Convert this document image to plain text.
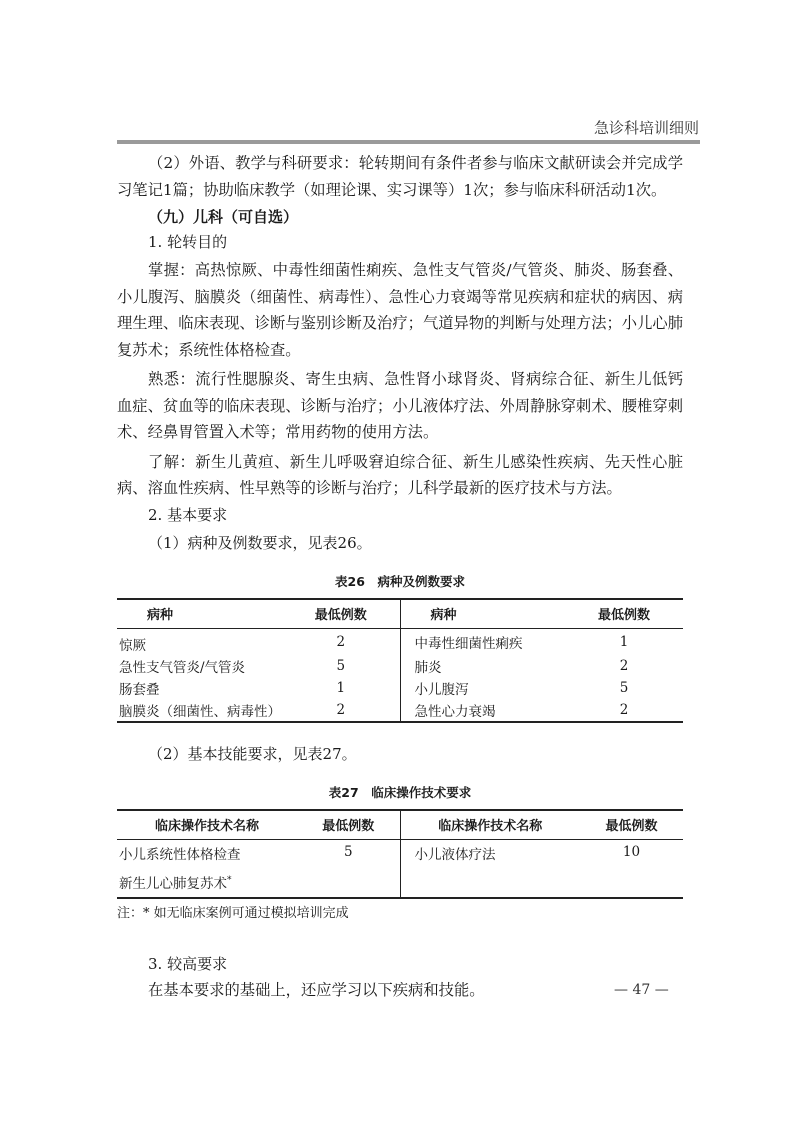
急诊科培训细则

（2）外语、教学与科研要求：轮转期间有条件者参与临床文献研读会并完成学习笔记1篇；协助临床教学（如理论课、实习课等）1次；参与临床科研活动1次。

（九）儿科（可自选）
1. 轮转目的

掌握：高热惊厥、中毒性细菌性痢疾、急性支气管炎/气管炎、肺炎、肠套叠、小儿腹泻、脑膜炎（细菌性、病毒性）、急性心力衰竭等常见疾病和症状的病因、病理生理、临床表现、诊断与鉴别诊断及治疗；气道异物的判断与处理方法；小儿心肺复苏术；系统性体格检查。

熟悉：流行性腮腺炎、寄生虫病、急性肾小球肾炎、肾病综合征、新生儿低钙血症、贫血等的临床表现、诊断与治疗；小儿液体疗法、外周静脉穿刺术、腰椎穿刺术、经鼻胃管置入术等；常用药物的使用方法。

了解：新生儿黄疸、新生儿呼吸窘迫综合征、新生儿感染性疾病、先天性心脏病、溶血性疾病、性早熟等的诊断与治疗；儿科学最新的医疗技术与方法。

2. 基本要求
（1）病种及例数要求，见表26。
表26　病种及例数要求
病种	最低例数	病种	最低例数
惊厥	2	中毒性细菌性痢疾	1
急性支气管炎/气管炎	5	肺炎	2
肠套叠	1	小儿腹泻	5
脑膜炎（细菌性、病毒性）	2	急性心力衰竭	2
（2）基本技能要求，见表27。
表27　临床操作技术要求
临床操作技术名称	最低例数	临床操作技术名称	最低例数
小儿系统性体格检查	5	小儿液体疗法	10
新生儿心肺复苏术*			
注：* 如无临床案例可通过模拟培训完成
3. 较高要求

在基本要求的基础上，还应学习以下疾病和技能。	— 47 —
